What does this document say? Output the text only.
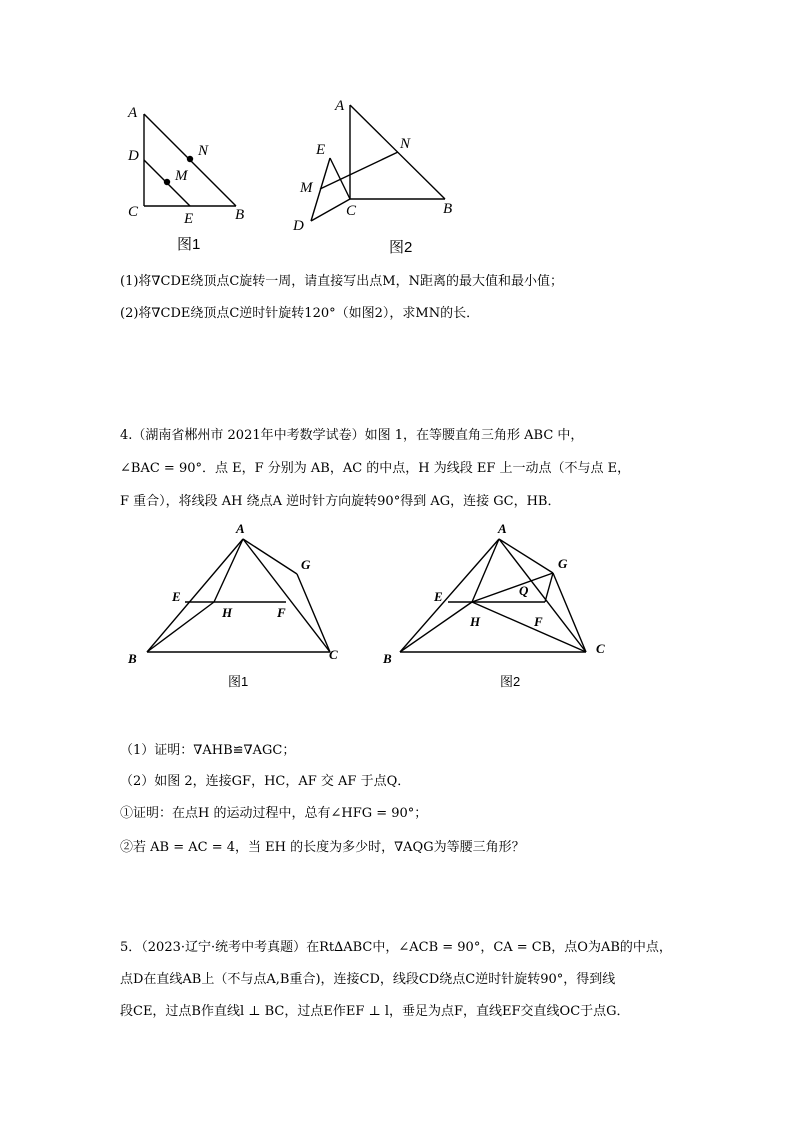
A
D
C
N
M
E	B
图1
A
N
E
M
C	B
D
图2
(1)将∇CDE绕顶点C旋转一周，请直接写出点M，N距离的最大值和最小值；
(2)将∇CDE绕顶点C逆时针旋转120°（如图2），求MN的长．
4.（湖南省郴州市 2021年中考数学试卷）如图 1，在等腰直角三角形 ABC 中，
∠BAC = 90°．点 E，F 分别为 AB，AC 的中点，H 为线段 EF 上一动点（不与点 E，
F 重合），将线段 AH 绕点A 逆时针方向旋转90°得到 AG，连接 GC，HB．
A
G
E
H	F
B	C
图1
A
G
E	Q
H	F
B
C
图2
（1）证明：∇AHB≌∇AGC；
（2）如图 2，连接GF，HC，AF 交 AF 于点Q．
①证明：在点H 的运动过程中，总有∠HFG = 90°；
②若 AB = AC = 4，当 EH 的长度为多少时，∇AQG为等腰三角形？
5．（2023·辽宁·统考中考真题）在Rt∆ABC中，∠ACB = 90°，CA = CB，点O为AB的中点，
点D在直线AB上（不与点A,B重合)，连接CD，线段CD绕点C逆时针旋转90°，得到线
段CE，过点B作直线l ⊥ BC，过点E作EF ⊥ l，垂足为点F，直线EF交直线OC于点G．
